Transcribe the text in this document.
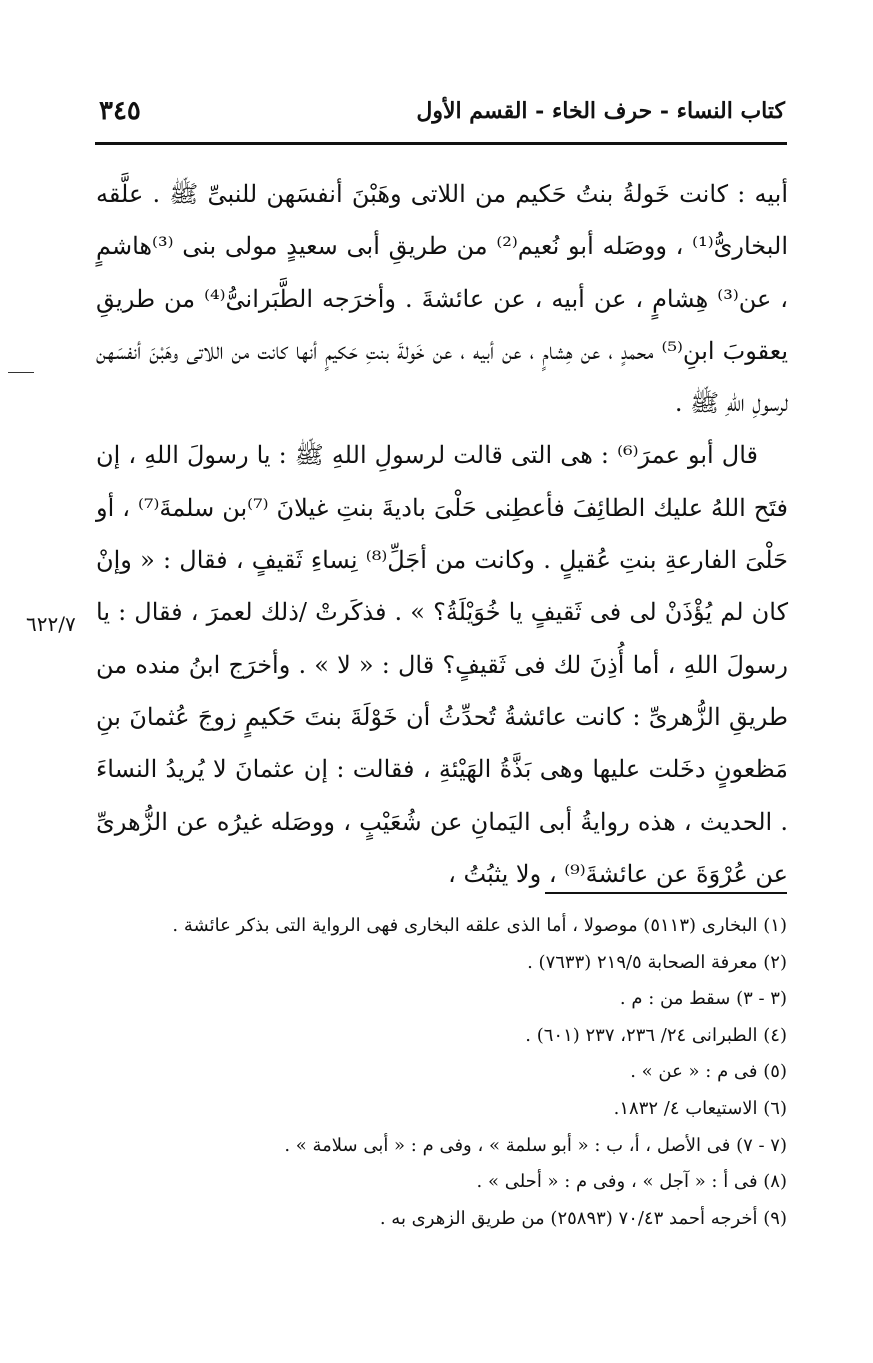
٣٤٥	كتاب النساء - حرف الخاء - القسم الأول
٦٢٢/٧

أبيه : كانت خَولةُ بنتُ حَكيم من اللاتى وهَبْنَ أنفسَهن للنبىِّ ﷺ . علَّقه البخارىُّ⁽¹⁾ ، ووصَله أبو نُعيم⁽²⁾ من طريقِ أبى سعيدٍ مولى بنى ⁽³⁾هاشمٍ ، عن⁽³⁾ هِشامٍ ، عن أبيه ، عن عائشةَ . وأخرَجه الطَّبَرانىُّ⁽⁴⁾ من طريقِ يعقوبَ ابنِ⁽⁵⁾ محمدٍ ، عن هِشامٍ ، عن أبيه ، عن خَولةَ بنتِ حَكيمٍ أنها كانت من اللاتى وهَبْنَ أنفسَهن لرسولِ اللهِ ﷺ .

قال أبو عمرَ⁽⁶⁾ : هى التى قالت لرسولِ اللهِ ﷺ : يا رسولَ اللهِ ، إن فتَح اللهُ عليك الطائِفَ فأعطِنى حَلْىَ باديةَ بنتِ غيلانَ ⁽⁷⁾بن سلمةَ⁽⁷⁾ ، أو حَلْىَ الفارعةِ بنتِ عُقيلٍ . وكانت من أجَلِّ⁽⁸⁾ نِساءِ ثَقيفٍ ، فقال : « وإنْ كان لم يُؤْذَنْ لى فى ثَقيفٍ يا خُوَيْلَةُ؟ » . فذكَرتْ /ذلك لعمرَ ، فقال : يا رسولَ اللهِ ، أما أُذِنَ لك فى ثَقيفٍ؟ قال : « لا » . وأخرَج ابنُ منده من طريقِ الزُّهرىِّ : كانت عائشةُ تُحدِّثُ أن خَوْلَةَ بنتَ حَكيمٍ زوجَ عُثمانَ بنِ مَظعونٍ دخَلت عليها وهى بَذَّةُ الهَيْئةِ ، فقالت : إن عثمانَ لا يُريدُ النساءَ . الحديث ، هذه روايةُ أبى اليَمانِ عن شُعَيْبٍ ، ووصَله غيرُه عن الزُّهرىِّ عن عُرْوَةَ عن عائشةَ⁽⁹⁾ ، ولا يثبُتُ ،

(١) البخارى (٥١١٣) موصولا ، أما الذى علقه البخارى فهى الرواية التى بذكر عائشة .
(٢) معرفة الصحابة ٢١٩/٥ (٧٦٣٣) .
(٣ - ٣) سقط من : م .
(٤) الطبرانى ٢٤/ ٢٣٦، ٢٣٧ (٦٠١) .
(٥) فى م : « عن » .
(٦) الاستيعاب ٤/ ١٨٣٢.
(٧ - ٧) فى الأصل ، أ، ب : « أبو سلمة » ، وفى م : « أبى سلامة » .
(٨) فى أ : « آجل » ، وفى م : « أحلى » .
(٩) أخرجه أحمد ٧٠/٤٣ (٢٥٨٩٣) من طريق الزهرى به .
